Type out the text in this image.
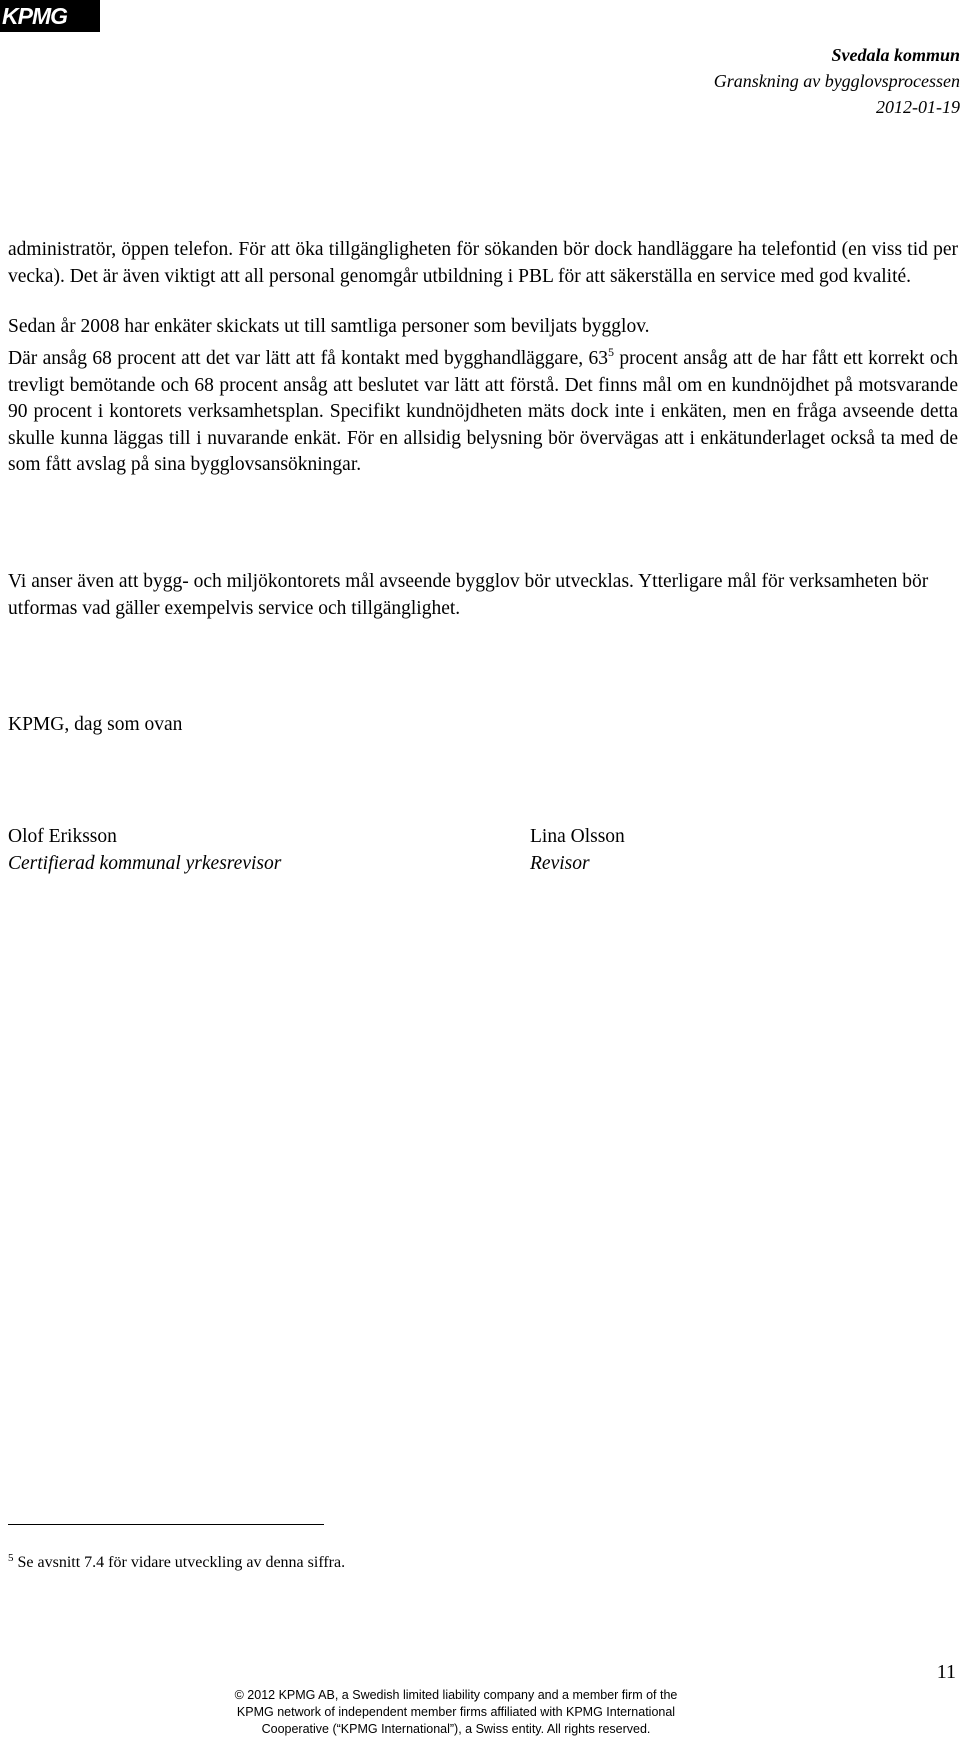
KPMG
Svedala kommun
Granskning av bygglovsprocessen
2012-01-19

administratör, öppen telefon. För att öka tillgängligheten för sökanden bör dock handläggare ha telefontid (en viss tid per vecka). Det är även viktigt att all personal genomgår utbildning i PBL för att säkerställa en service med god kvalité.

Sedan år 2008 har enkäter skickats ut till samtliga personer som beviljats bygglov.

Där ansåg 68 procent att det var lätt att få kontakt med bygghandläggare, $63^5$ procent ansåg att de har fått ett korrekt och trevligt bemötande och 68 procent ansåg att beslutet var lätt att förstå. Det finns mål om en kundnöjdhet på motsvarande 90 procent i kontorets verksamhetsplan. Specifikt kundnöjdheten mäts dock inte i enkäten, men en fråga avseende detta skulle kunna läggas till i nuvarande enkät. För en allsidig belysning bör övervägas att i enkätunderlaget också ta med de som fått avslag på sina bygglovsansökningar.

Vi anser även att bygg- och miljökontorets mål avseende bygglov bör utvecklas. Ytterligare mål för verksamheten bör utformas vad gäller exempelvis service och tillgänglighet.

KPMG, dag som ovan
Olof Eriksson
Certifierad kommunal yrkesrevisor
Lina Olsson
Revisor
$^5$ Se avsnitt 7.4 för vidare utveckling av denna siffra.
11
© 2012 KPMG AB, a Swedish limited liability company and a member firm of the
KPMG network of independent member firms affiliated with KPMG International
Cooperative (“KPMG International”), a Swiss entity. All rights reserved.
